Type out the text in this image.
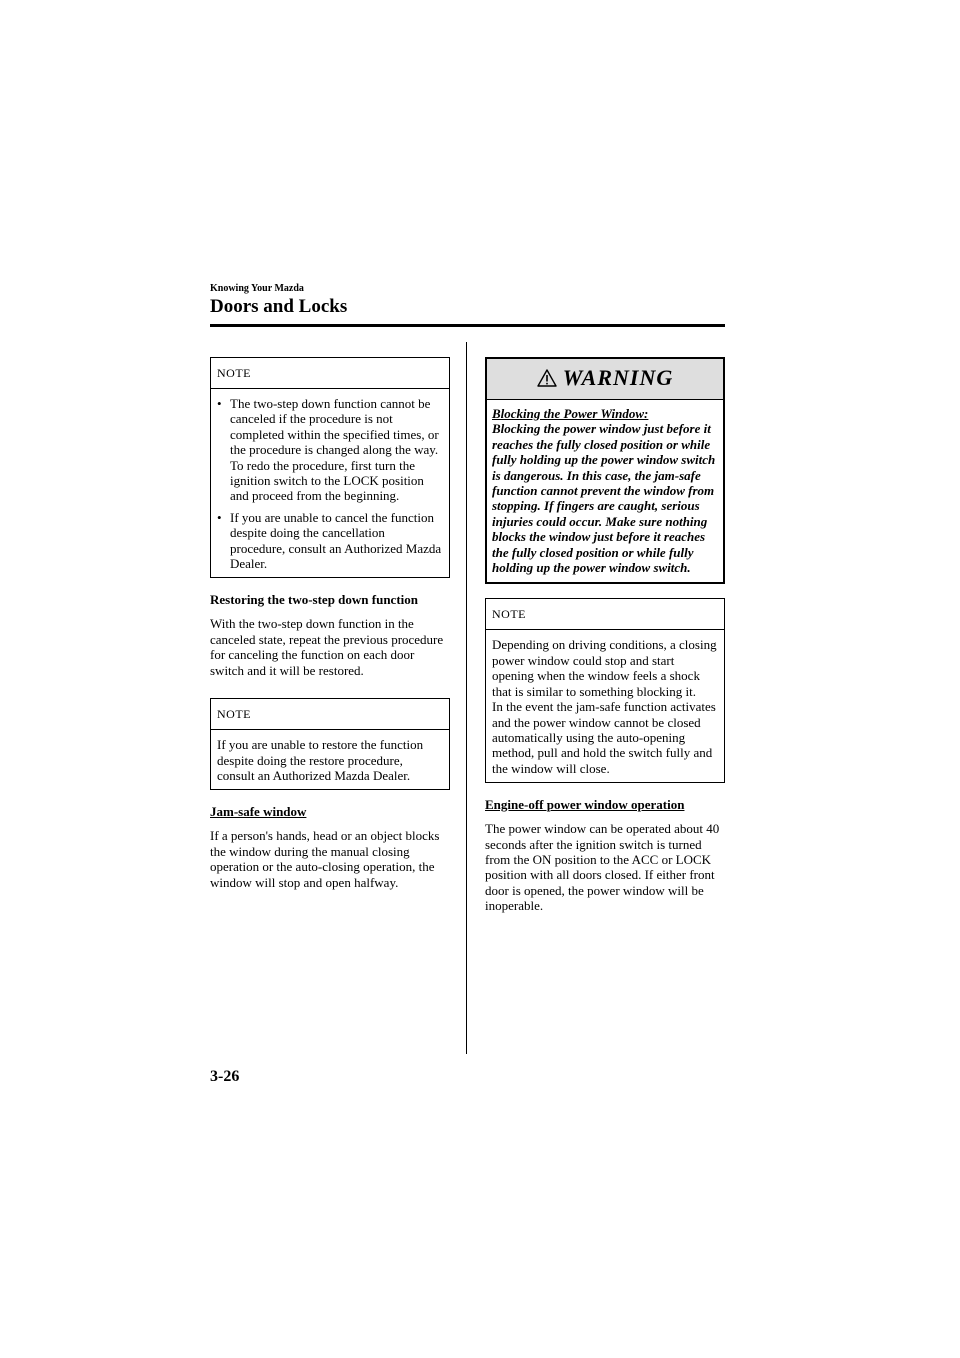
Knowing Your Mazda
Doors and Locks
NOTE
• The two-step down function cannot be canceled if the procedure is not completed within the specified times, or the procedure is changed along the way. To redo the procedure, first turn the ignition switch to the LOCK position and proceed from the beginning.
• If you are unable to cancel the function despite doing the cancellation procedure, consult an Authorized Mazda Dealer.
Restoring the two-step down function

With the two-step down function in the canceled state, repeat the previous procedure for canceling the function on each door switch and it will be restored.

NOTE
If you are unable to restore the function despite doing the restore procedure, consult an Authorized Mazda Dealer.
Jam-safe window

If a person's hands, head or an object blocks the window during the manual closing operation or the auto-closing operation, the window will stop and open halfway.

WARNING
Blocking the Power Window:
Blocking the power window just before it reaches the fully closed position or while fully holding up the power window switch is dangerous. In this case, the jam-safe function cannot prevent the window from stopping. If fingers are caught, serious injuries could occur. Make sure nothing blocks the window just before it reaches the fully closed position or while fully holding up the power window switch.
NOTE
Depending on driving conditions, a closing power window could stop and start opening when the window feels a shock that is similar to something blocking it.
In the event the jam-safe function activates and the power window cannot be closed automatically using the auto-opening method, pull and hold the switch fully and the window will close.
Engine-off power window operation

The power window can be operated about 40 seconds after the ignition switch is turned from the ON position to the ACC or LOCK position with all doors closed. If either front door is opened, the power window will be inoperable.

3-26
